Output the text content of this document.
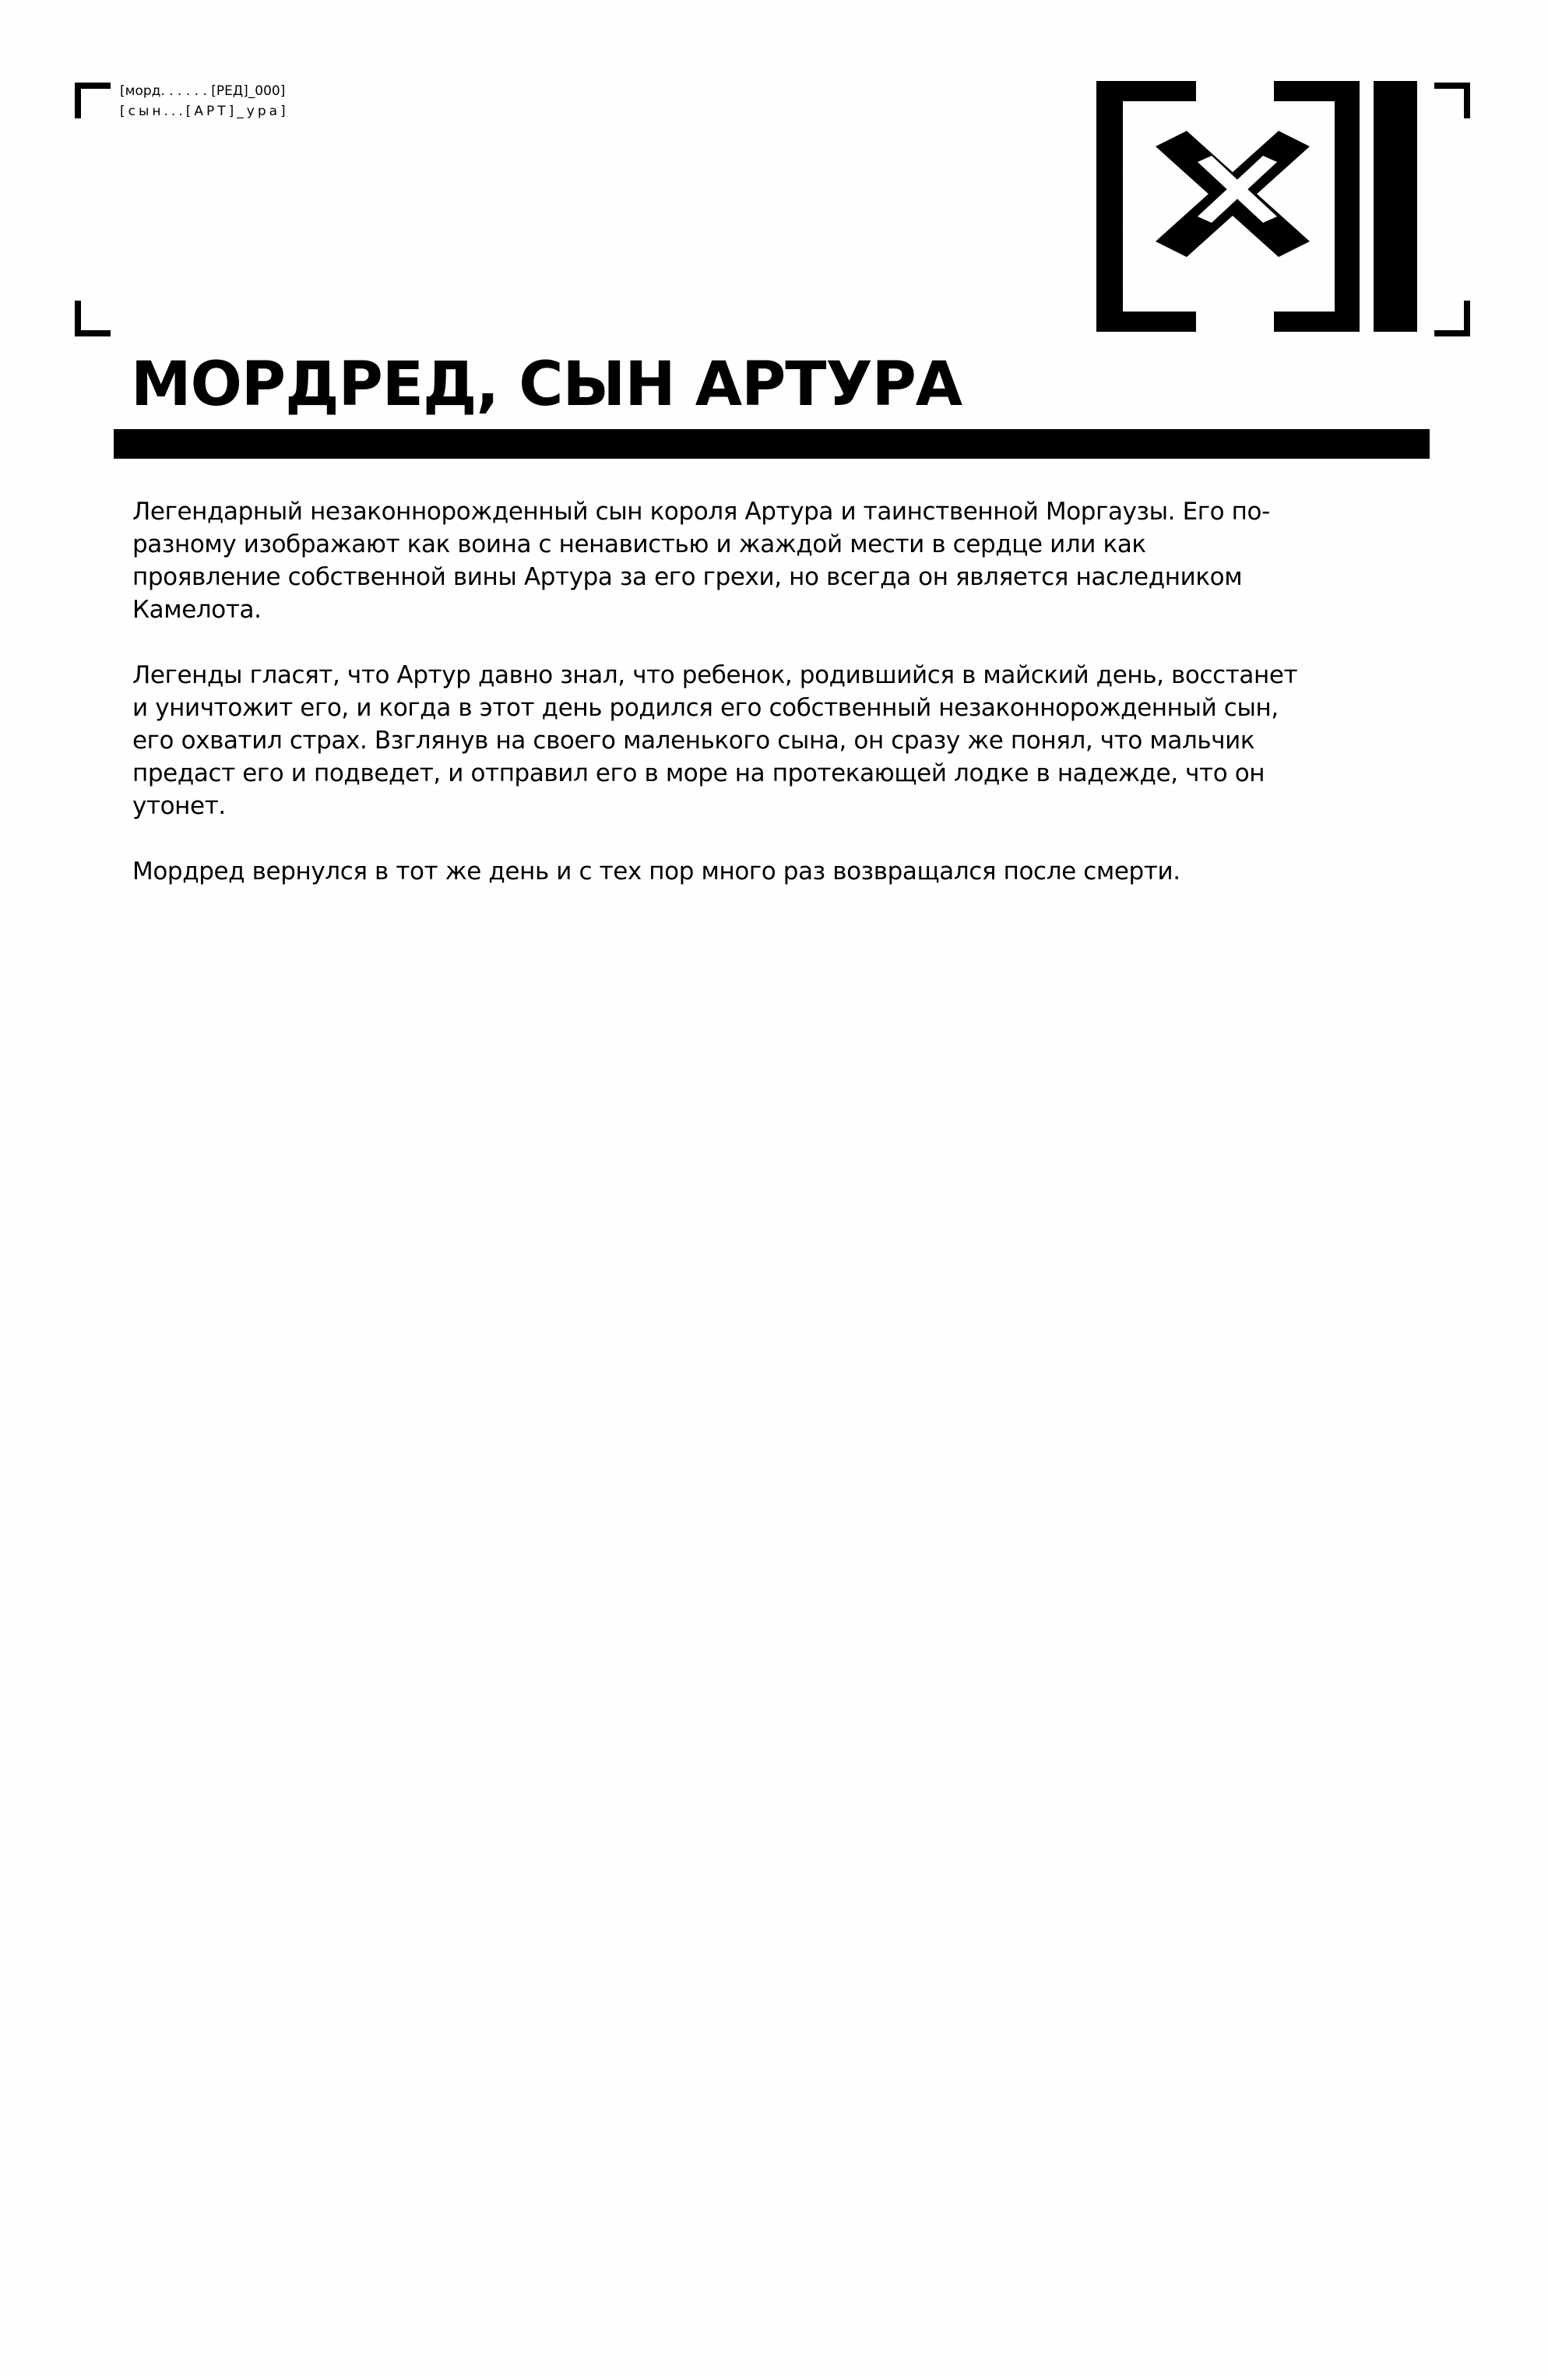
[морд. . . . . . [РЕД]_000]
[сын...[АРТ]_ура]
МОРДРЕД, СЫН АРТУРА

Легендарный незаконнорожденный сын короля Артура и таинственной Моргаузы. Его по-разному изображают как воина с ненавистью и жаждой мести в сердце или как проявление собственной вины Артура за его грехи, но всегда он является наследником Камелота.

Легенды гласят, что Артур давно знал, что ребенок, родившийся в майский день, восстанет и уничтожит его, и когда в этот день родился его собственный незаконнорожденный сын, его охватил страх. Взглянув на своего маленького сына, он сразу же понял, что мальчик предаст его и подведет, и отправил его в море на протекающей лодке в надежде, что он утонет.

Мордред вернулся в тот же день и с тех пор много раз возвращался после смерти.
